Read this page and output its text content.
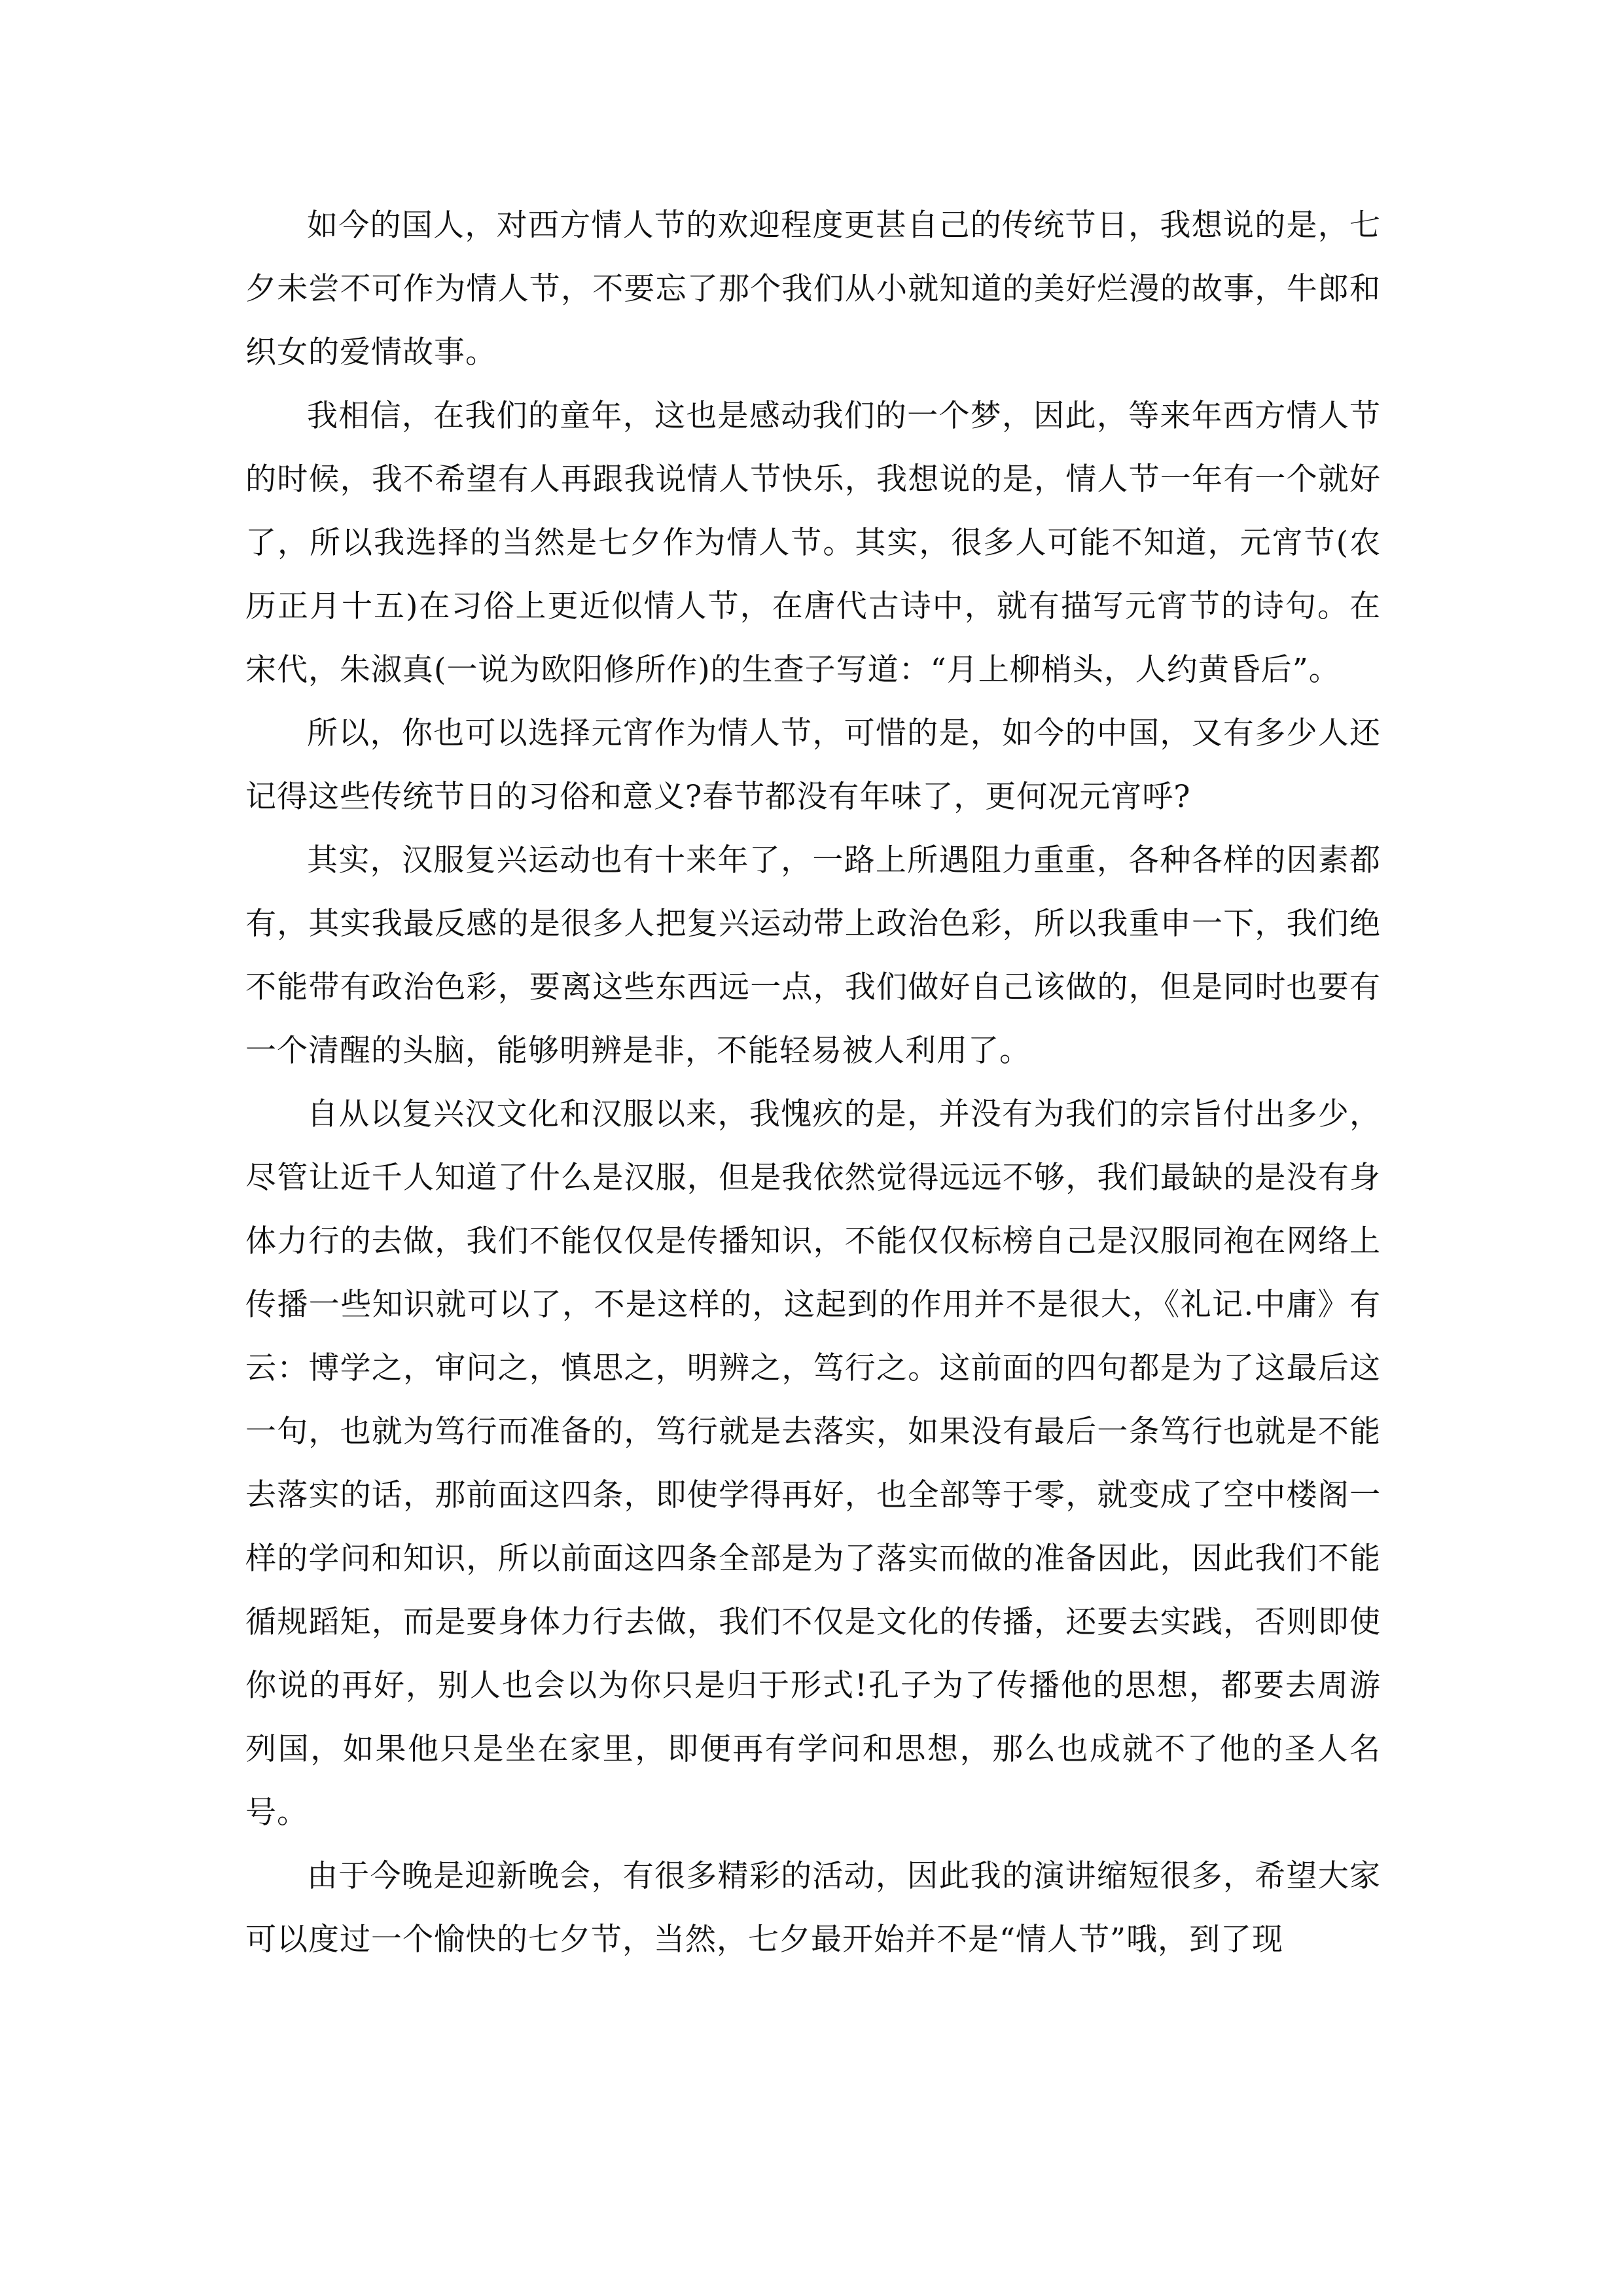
如今的国人，对西方情人节的欢迎程度更甚自己的传统节日，我想说的是，七夕未尝不可作为情人节，不要忘了那个我们从小就知道的美好烂漫的故事，牛郎和织女的爱情故事。

我相信，在我们的童年，这也是感动我们的一个梦，因此，等来年西方情人节的时候，我不希望有人再跟我说情人节快乐，我想说的是，情人节一年有一个就好了，所以我选择的当然是七夕作为情人节。其实，很多人可能不知道，元宵节(农历正月十五)在习俗上更近似情人节，在唐代古诗中，就有描写元宵节的诗句。在宋代，朱淑真(一说为欧阳修所作)的生查子写道：“月上柳梢头，人约黄昏后”。

所以，你也可以选择元宵作为情人节，可惜的是，如今的中国，又有多少人还记得这些传统节日的习俗和意义?春节都没有年味了，更何况元宵呼?

其实，汉服复兴运动也有十来年了，一路上所遇阻力重重，各种各样的因素都有，其实我最反感的是很多人把复兴运动带上政治色彩，所以我重申一下，我们绝不能带有政治色彩，要离这些东西远一点，我们做好自己该做的，但是同时也要有一个清醒的头脑，能够明辨是非，不能轻易被人利用了。

自从以复兴汉文化和汉服以来，我愧疚的是，并没有为我们的宗旨付出多少，尽管让近千人知道了什么是汉服，但是我依然觉得远远不够，我们最缺的是没有身体力行的去做，我们不能仅仅是传播知识，不能仅仅标榜自己是汉服同袍在网络上传播一些知识就可以了，不是这样的，这起到的作用并不是很大，《礼记.中庸》有云：博学之，审问之，慎思之，明辨之，笃行之。这前面的四句都是为了这最后这一句，也就为笃行而准备的，笃行就是去落实，如果没有最后一条笃行也就是不能去落实的话，那前面这四条，即使学得再好，也全部等于零，就变成了空中楼阁一样的学问和知识，所以前面这四条全部是为了落实而做的准备因此，因此我们不能循规蹈矩，而是要身体力行去做，我们不仅是文化的传播，还要去实践，否则即使你说的再好，别人也会以为你只是归于形式!孔子为了传播他的思想，都要去周游列国，如果他只是坐在家里，即便再有学问和思想，那么也成就不了他的圣人名号。

由于今晚是迎新晚会，有很多精彩的活动，因此我的演讲缩短很多，希望大家可以度过一个愉快的七夕节，当然，七夕最开始并不是“情人节”哦，到了现
